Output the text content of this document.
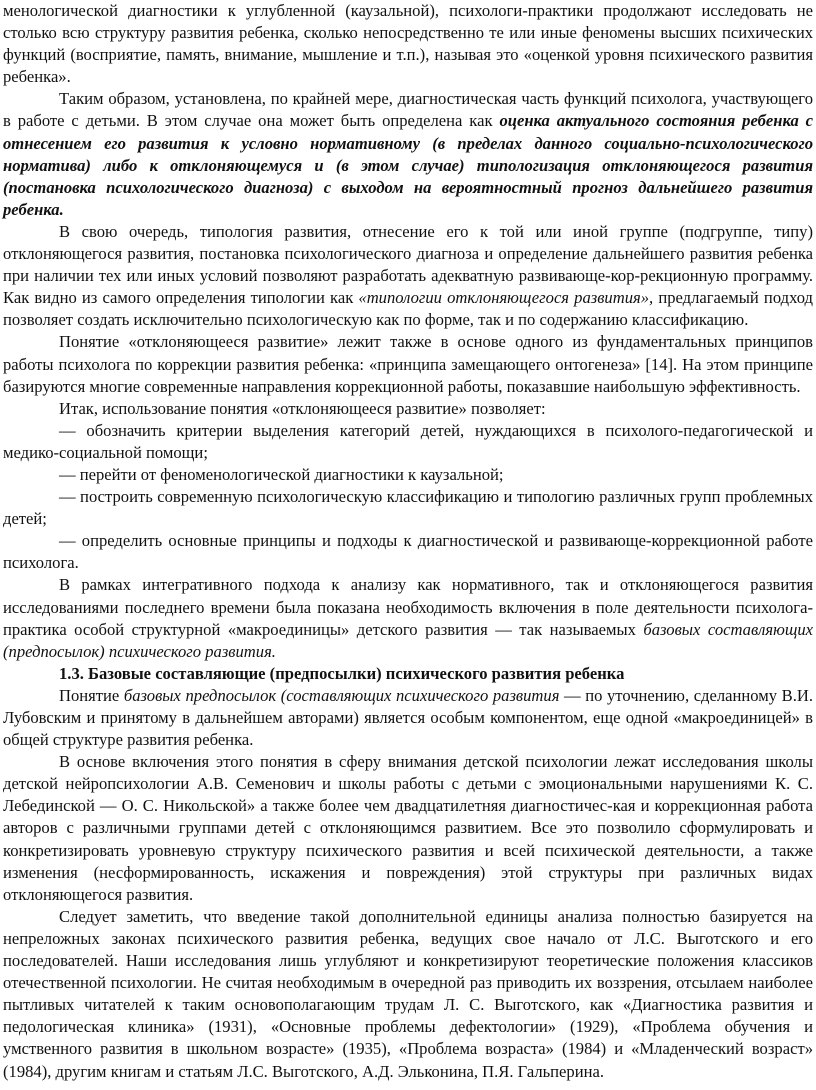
менологической диагностики к углубленной (каузальной), психологи-практики продолжают исследовать не столько всю структуру развития ребенка, сколько непосредственно те или иные феномены высших психических функций (восприятие, память, внимание, мышление и т.п.), называя это «оценкой уровня психического развития ребенка».

Таким образом, установлена, по крайней мере, диагностическая часть функций психолога, участвующего в работе с детьми. В этом случае она может быть определена как оценка актуального состояния ребенка с отнесением его развития к условно нормативному (в пределах данного социально-психологического норматива) либо к отклоняющемуся и (в этом случае) типологизация отклоняющегося развития (постановка психологического диагноза) с выходом на вероятностный прогноз дальнейшего развития ребенка.

В свою очередь, типология развития, отнесение его к той или иной группе (подгруппе, типу) отклоняющегося развития, постановка психологического диагноза и определение дальнейшего развития ребенка при наличии тех или иных условий позволяют разработать адекватную развивающе-кор-рекционную программу. Как видно из самого определения типологии как «типологии отклоняющегося развития», предлагаемый подход позволяет создать исключительно психологическую как по форме, так и по содержанию классификацию.

Понятие «отклоняющееся развитие» лежит также в основе одного из фундаментальных принципов работы психолога по коррекции развития ребенка: «принципа замещающего онтогенеза» [14]. На этом принципе базируются многие современные направления коррекционной работы, показавшие наибольшую эффективность.

Итак, использование понятия «отклоняющееся развитие» позволяет:

— обозначить критерии выделения категорий детей, нуждающихся в психолого-педагогической и медико-социальной помощи;

— перейти от феноменологической диагностики к каузальной;

— построить современную психологическую классификацию и типологию различных групп проблемных детей;

— определить основные принципы и подходы к диагностической и развивающе-коррекционной работе психолога.

В рамках интегративного подхода к анализу как нормативного, так и отклоняющегося развития исследованиями последнего времени была показана необходимость включения в поле деятельности психолога-практика особой структурной «макроединицы» детского развития — так называемых базовых составляющих (предпосылок) психического развития.

1.3. Базовые составляющие (предпосылки) психического развития ребенка

Понятие базовых предпосылок (составляющих психического развития — по уточнению, сделанному В.И. Лубовским и принятому в дальнейшем авторами) является особым компонентом, еще одной «макроединицей» в общей структуре развития ребенка.

В основе включения этого понятия в сферу внимания детской психологии лежат исследования школы детской нейропсихологии А.В. Семенович и школы работы с детьми с эмоциональными нарушениями К. С. Лебединской — О. С. Никольской» а также более чем двадцатилетняя диагностичес-кая и коррекционная работа авторов с различными группами детей с отклоняющимся развитием. Все это позволило сформулировать и конкретизировать уровневую структуру психического развития и всей психической деятельности, а также изменения (несформированность, искажения и повреждения) этой структуры при различных видах отклоняющегося развития.

Следует заметить, что введение такой дополнительной единицы анализа полностью базируется на непреложных законах психического развития ребенка, ведущих свое начало от Л.С. Выготского и его последователей. Наши исследования лишь углубляют и конкретизируют теоретические положения классиков отечественной психологии. Не считая необходимым в очередной раз приводить их воззрения, отсылаем наиболее пытливых читателей к таким основополагающим трудам Л. С. Выготского, как «Диагностика развития и педологическая клиника» (1931), «Основные проблемы дефектологии» (1929), «Проблема обучения и умственного развития в школьном возрасте» (1935), «Проблема возраста» (1984) и «Младенческий возраст» (1984), другим книгам и статьям Л.С. Выготского, А.Д. Эльконина, П.Я. Гальперина.
